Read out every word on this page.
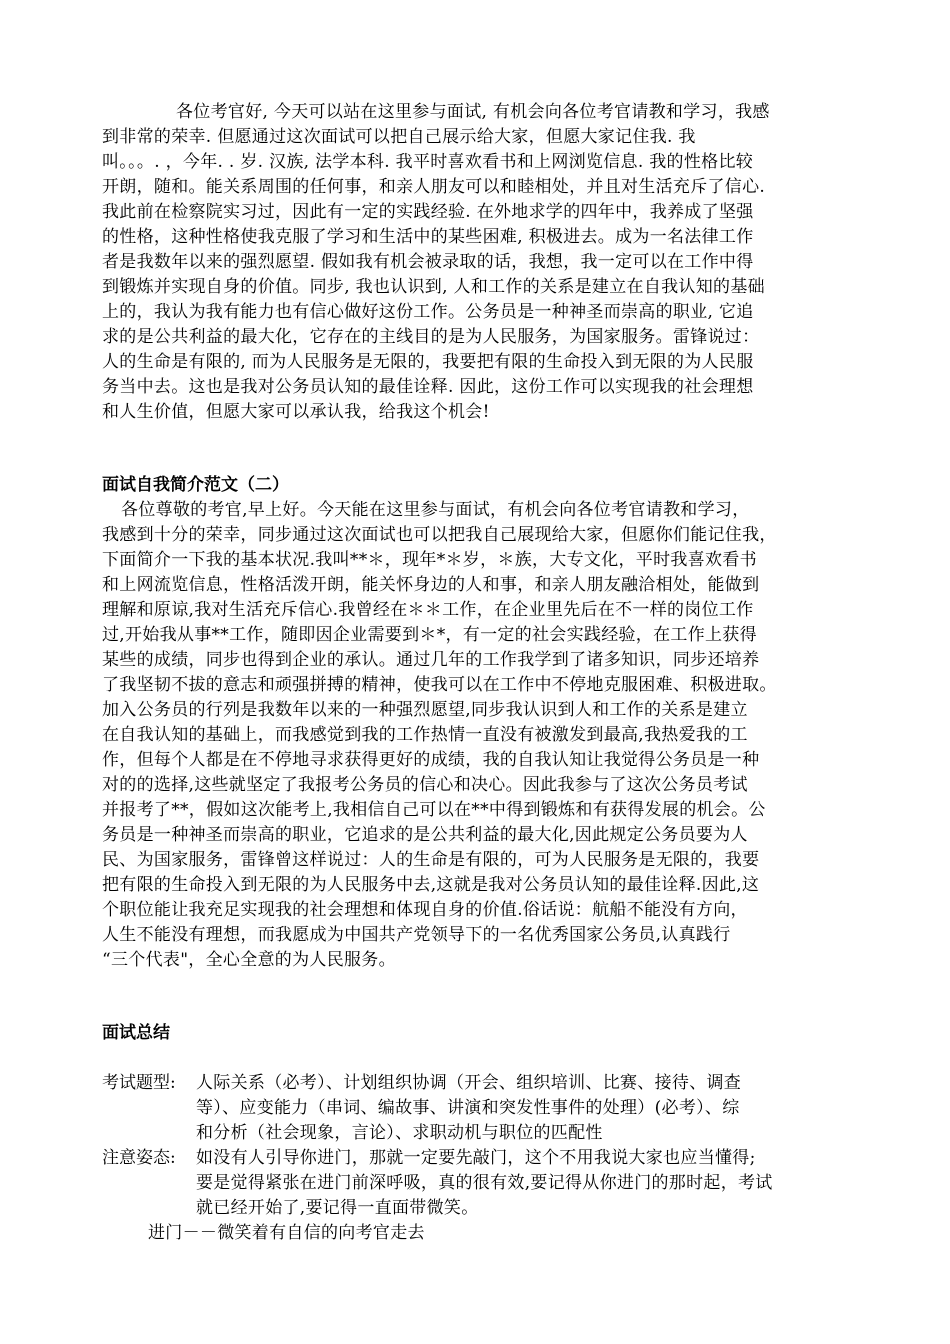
各位考官好, 今天可以站在这里参与面试, 有机会向各位考官请教和学习，我感
到非常的荣幸. 但愿通过这次面试可以把自己展示给大家，但愿大家记住我. 我
叫。。。. ，今年. . 岁. 汉族, 法学本科. 我平时喜欢看书和上网浏览信息. 我的性格比较
开朗，随和。能关系周围的任何事，和亲人朋友可以和睦相处，并且对生活充斥了信心.
我此前在检察院实习过，因此有一定的实践经验. 在外地求学的四年中，我养成了坚强
的性格，这种性格使我克服了学习和生活中的某些困难, 积极进去。成为一名法律工作
者是我数年以来的强烈愿望. 假如我有机会被录取的话，我想，我一定可以在工作中得
到锻炼并实现自身的价值。同步, 我也认识到, 人和工作的关系是建立在自我认知的基础
上的，我认为我有能力也有信心做好这份工作。公务员是一种神圣而崇高的职业, 它追
求的是公共利益的最大化，它存在的主线目的是为人民服务，为国家服务。雷锋说过：
人的生命是有限的, 而为人民服务是无限的，我要把有限的生命投入到无限的为人民服
务当中去。这也是我对公务员认知的最佳诠释. 因此，这份工作可以实现我的社会理想
和人生价值，但愿大家可以承认我，给我这个机会!
面试自我简介范文（二）
各位尊敬的考官,早上好。今天能在这里参与面试，有机会向各位考官请教和学习，
我感到十分的荣幸，同步通过这次面试也可以把我自己展现给大家，但愿你们能记住我，
下面简介一下我的基本状况.我叫**＊，现年*＊岁，＊族，大专文化，平时我喜欢看书
和上网流览信息，性格活泼开朗，能关怀身边的人和事，和亲人朋友融洽相处，能做到
理解和原谅,我对生活充斥信心.我曾经在＊＊工作，在企业里先后在不一样的岗位工作
过,开始我从事**工作，随即因企业需要到＊*，有一定的社会实践经验，在工作上获得
某些的成绩，同步也得到企业的承认。通过几年的工作我学到了诸多知识，同步还培养
了我坚韧不拔的意志和顽强拼搏的精神，使我可以在工作中不停地克服困难、积极进取。
加入公务员的行列是我数年以来的一种强烈愿望,同步我认识到人和工作的关系是建立
在自我认知的基础上，而我感觉到我的工作热情一直没有被激发到最高,我热爱我的工
作，但每个人都是在不停地寻求获得更好的成绩，我的自我认知让我觉得公务员是一种
对的的选择,这些就坚定了我报考公务员的信心和决心。因此我参与了这次公务员考试
并报考了**，假如这次能考上,我相信自己可以在**中得到锻炼和有获得发展的机会。公
务员是一种神圣而崇高的职业，它追求的是公共利益的最大化,因此规定公务员要为人
民、为国家服务，雷锋曾这样说过：人的生命是有限的，可为人民服务是无限的，我要
把有限的生命投入到无限的为人民服务中去,这就是我对公务员认知的最佳诠释.因此,这
个职位能让我充足实现我的社会理想和体现自身的价值.俗话说：航船不能没有方向，
人生不能没有理想，而我愿成为中国共产党领导下的一名优秀国家公务员,认真践行
“三个代表"，全心全意的为人民服务。
面试总结
考试题型: 人际关系（必考）、计划组织协调（开会、组织培训、比赛、接待、调查
等）、应变能力（串词、编故事、讲演和突发性事件的处理）(必考）、综
和分析（社会现象，言论）、求职动机与职位的匹配性
注意姿态: 如没有人引导你进门，那就一定要先敲门，这个不用我说大家也应当懂得;
要是觉得紧张在进门前深呼吸，真的很有效,要记得从你进门的那时起，考试
就已经开始了,要记得一直面带微笑。
进门－－微笑着有自信的向考官走去
